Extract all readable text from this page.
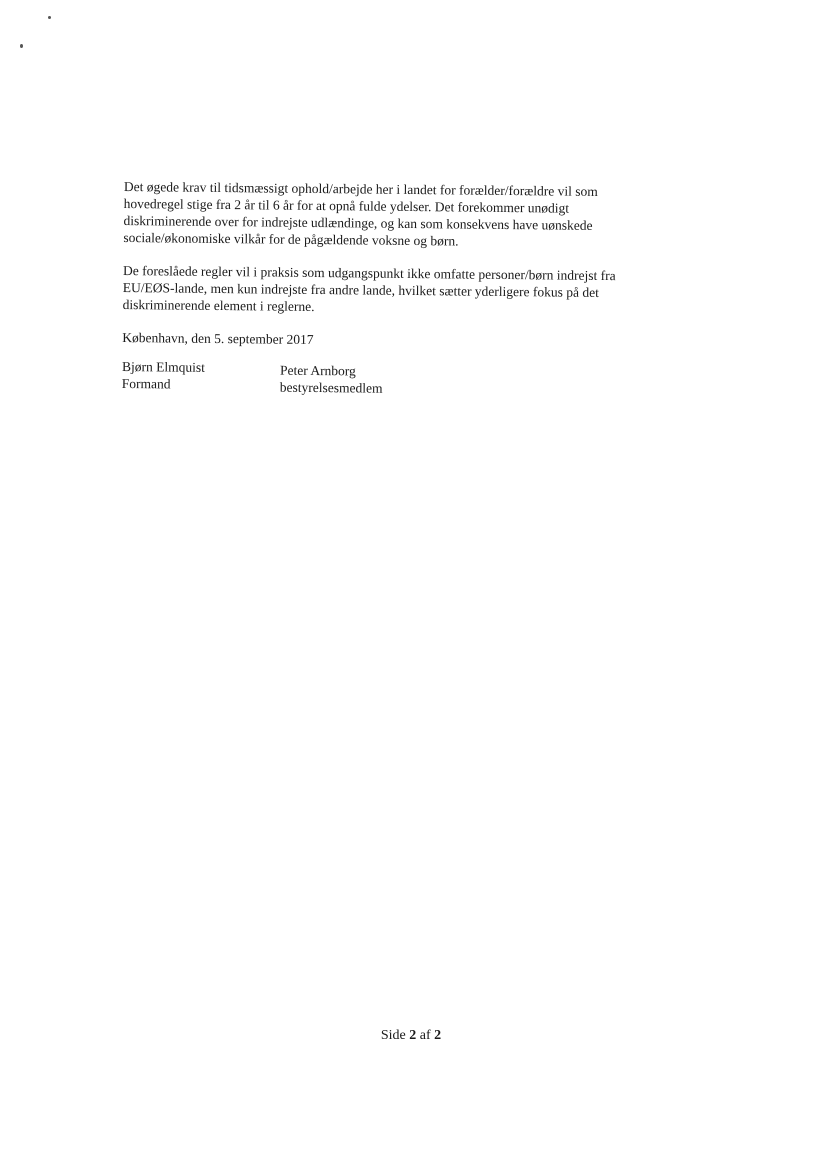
Det øgede krav til tidsmæssigt ophold/arbejde her i landet for forælder/forældre vil som
hovedregel stige fra 2 år til 6 år for at opnå fulde ydelser. Det forekommer unødigt
diskriminerende over for indrejste udlændinge, og kan som konsekvens have uønskede
sociale/økonomiske vilkår for de pågældende voksne og børn.

De foreslåede regler vil i praksis som udgangspunkt ikke omfatte personer/børn indrejst fra
EU/EØS-lande, men kun indrejste fra andre lande, hvilket sætter yderligere fokus på det
diskriminerende element i reglerne.

København, den 5. september 2017

Bjørn Elmquist
Formand
Peter Arnborg
bestyrelsesmedlem
Side 2 af 2
